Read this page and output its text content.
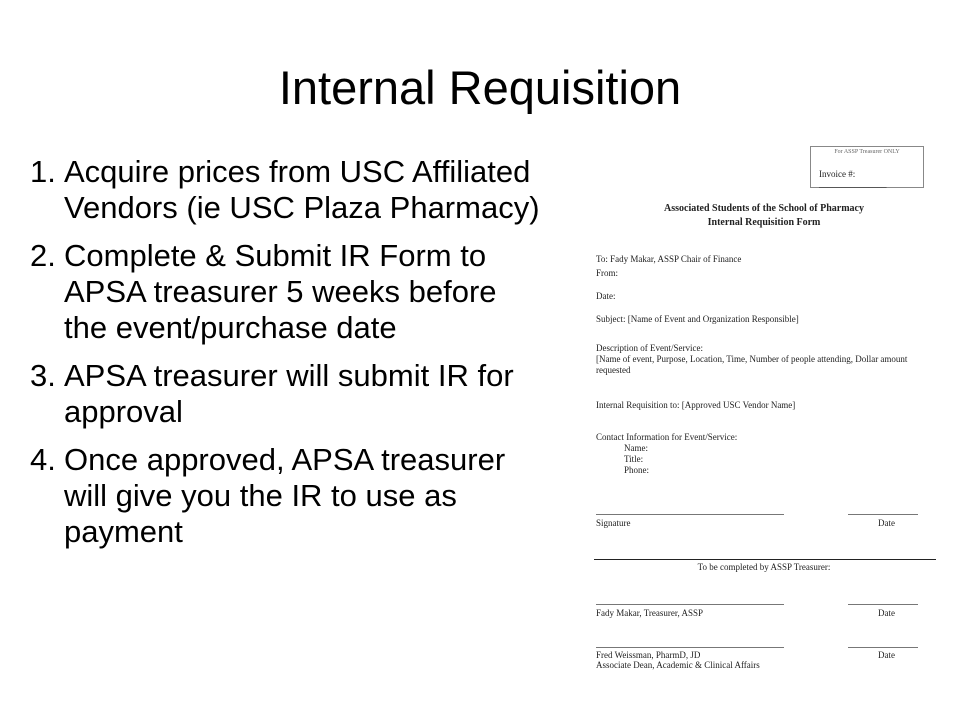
Internal Requisition
1. Acquire prices from USC Affiliated Vendors (ie USC Plaza Pharmacy)
2. Complete & Submit IR Form to APSA treasurer 5 weeks before the event/purchase date
3. APSA treasurer will submit IR for approval
4. Once approved, APSA treasurer will give you the IR to use as payment
For ASSP Treasurer ONLY
Invoice #: _______________
Associated Students of the School of Pharmacy
Internal Requisition Form
To: Fady Makar, ASSP Chair of Finance
From:
Date:
Subject: [Name of Event and Organization Responsible]
Description of Event/Service:
[Name of event, Purpose, Location, Time, Number of people attending, Dollar amount
requested
Internal Requisition to: [Approved USC Vendor Name]
Contact Information for Event/Service:
Name:
Title:
Phone:
Signature	Date
To be completed by ASSP Treasurer:
Fady Makar, Treasurer, ASSP	Date
Fred Weissman, PharmD, JD	Date
Associate Dean, Academic & Clinical Affairs
